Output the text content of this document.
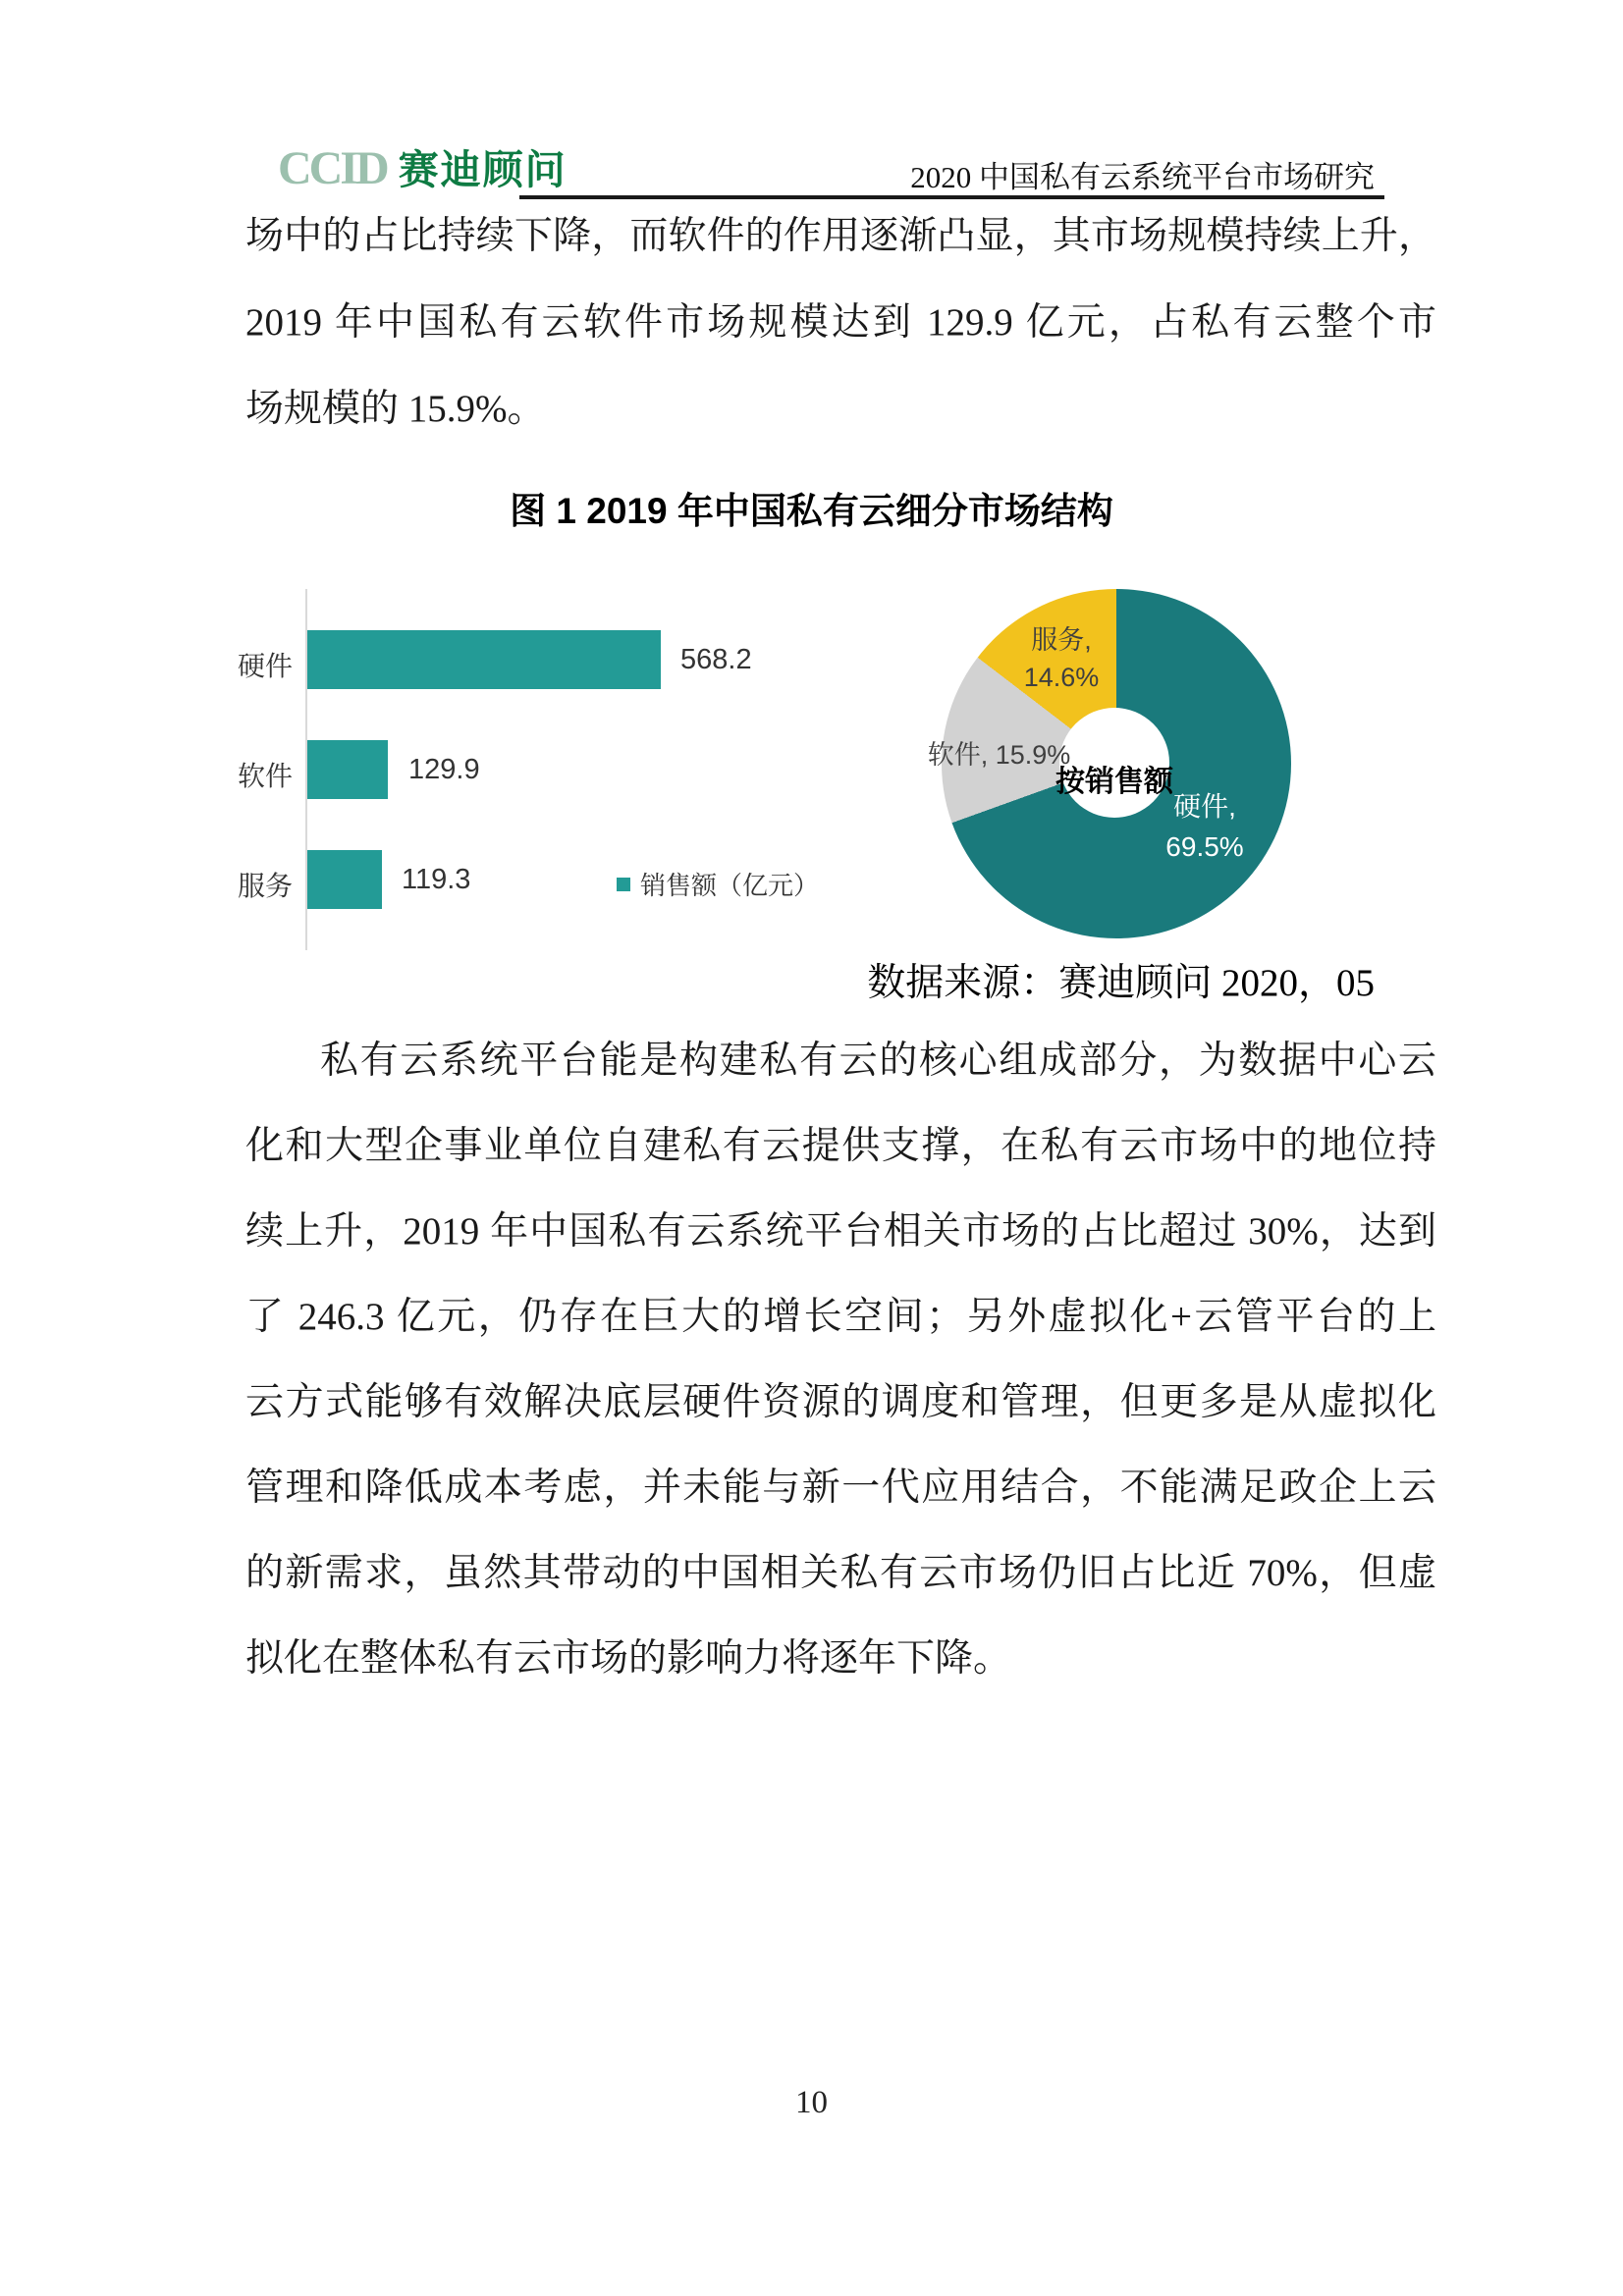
CCID 赛迪顾问	2020 中国私有云系统平台市场研究
场中的占比持续下降，而软件的作用逐渐凸显，其市场规模持续上升，
2019 年中国私有云软件市场规模达到 129.9 亿元，占私有云整个市
场规模的 15.9%。
图 1 2019 年中国私有云细分市场结构
硬件
软件
服务
568.2
129.9
119.3	销售额（亿元）
服务,
14.6%
软件, 15.9%
按销售额
硬件,
69.5%
数据来源：赛迪顾问 2020，05
私有云系统平台能是构建私有云的核心组成部分，为数据中心云
化和大型企事业单位自建私有云提供支撑，在私有云市场中的地位持
续上升，2019 年中国私有云系统平台相关市场的占比超过 30%，达到
了 246.3 亿元，仍存在巨大的增长空间；另外虚拟化+云管平台的上
云方式能够有效解决底层硬件资源的调度和管理，但更多是从虚拟化
管理和降低成本考虑，并未能与新一代应用结合，不能满足政企上云
的新需求，虽然其带动的中国相关私有云市场仍旧占比近 70%，但虚
拟化在整体私有云市场的影响力将逐年下降。
10
